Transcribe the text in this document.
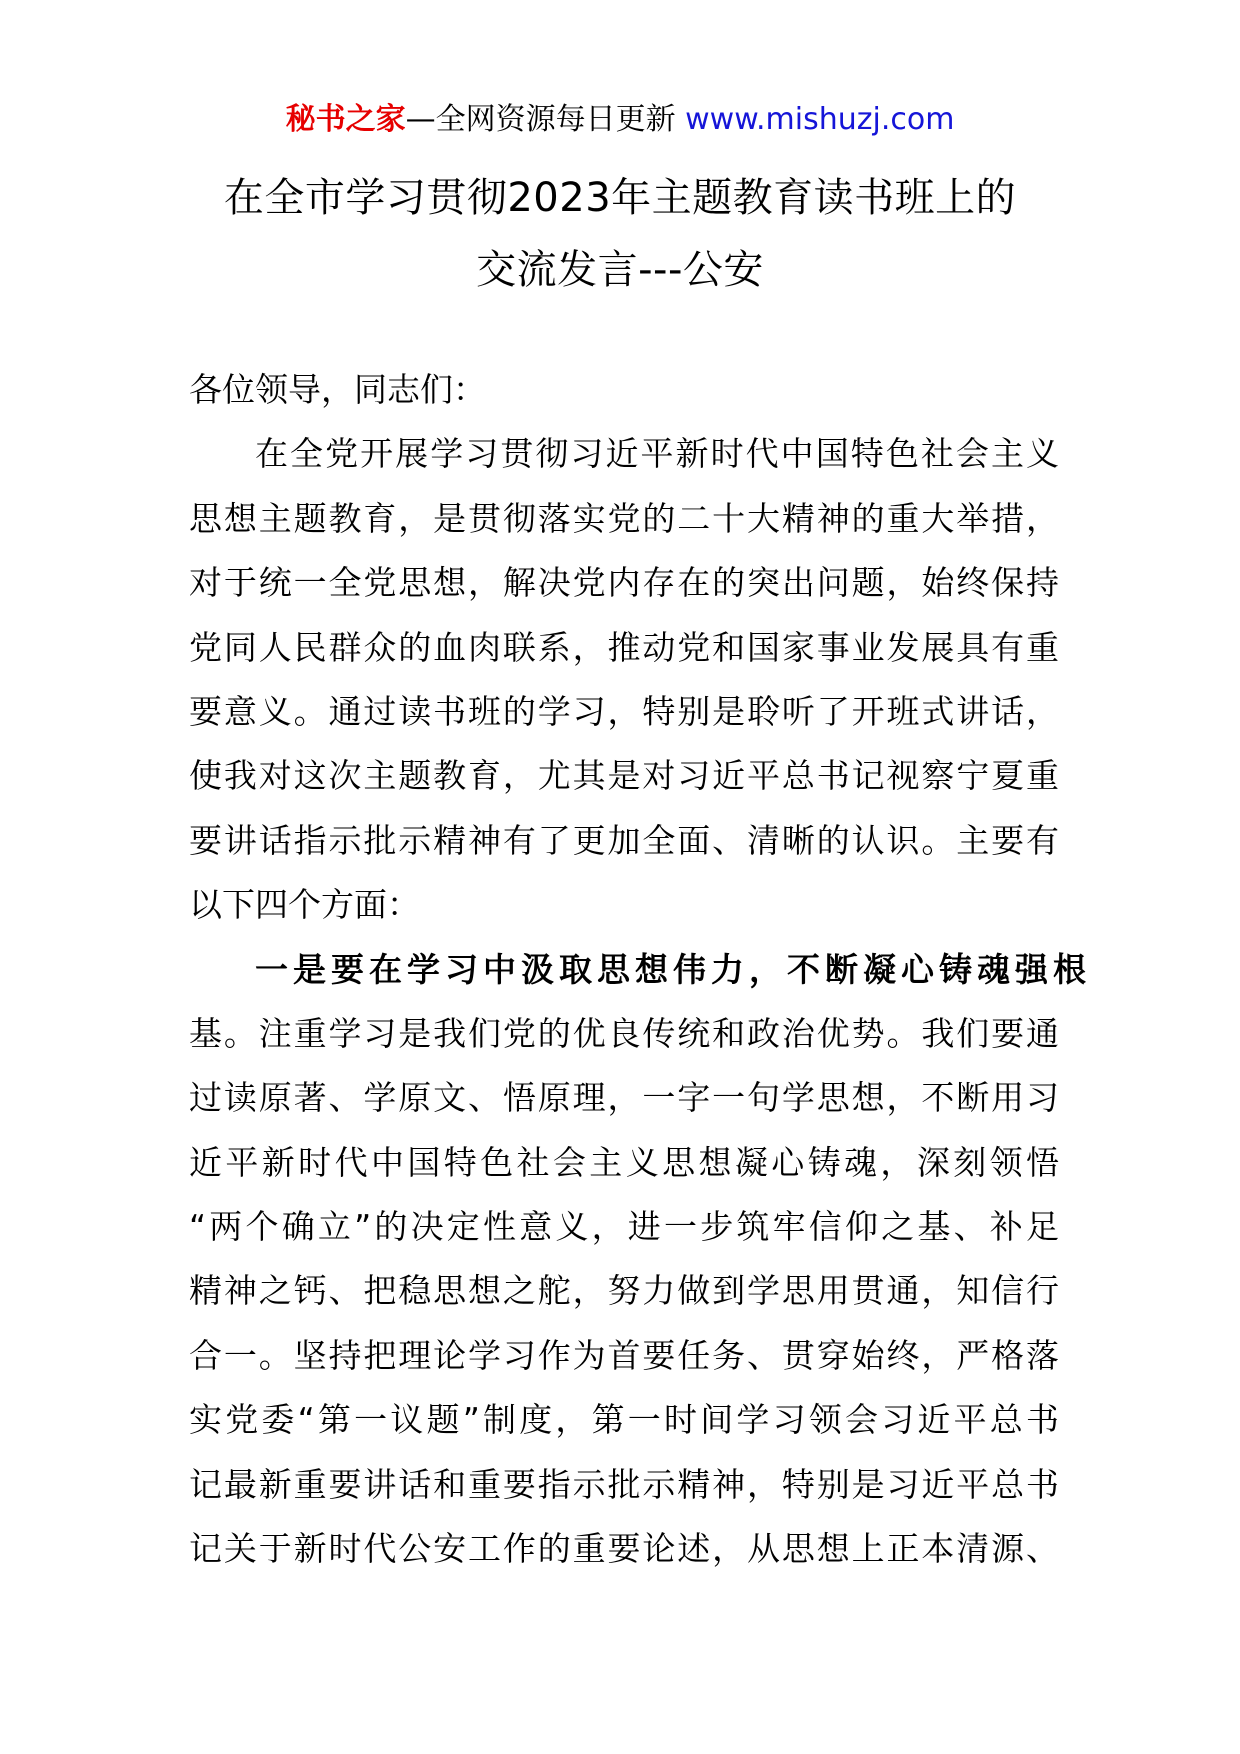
秘书之家—全网资源每日更新 www.mishuzj.com
在全市学习贯彻2023年主题教育读书班上的
交流发言---公安
各位领导，同志们：
在全党开展学习贯彻习近平新时代中国特色社会主义
思想主题教育，是贯彻落实党的二十大精神的重大举措，
对于统一全党思想，解决党内存在的突出问题，始终保持
党同人民群众的血肉联系，推动党和国家事业发展具有重
要意义。通过读书班的学习，特别是聆听了开班式讲话，
使我对这次主题教育，尤其是对习近平总书记视察宁夏重
要讲话指示批示精神有了更加全面、清晰的认识。主要有
以下四个方面：
一是要在学习中汲取思想伟力，不断凝心铸魂强根
基。注重学习是我们党的优良传统和政治优势。我们要通
过读原著、学原文、悟原理，一字一句学思想，不断用习
近平新时代中国特色社会主义思想凝心铸魂，深刻领悟
“两个确立”的决定性意义，进一步筑牢信仰之基、补足
精神之钙、把稳思想之舵，努力做到学思用贯通，知信行
合一。坚持把理论学习作为首要任务、贯穿始终，严格落
实党委“第一议题”制度，第一时间学习领会习近平总书
记最新重要讲话和重要指示批示精神，特别是习近平总书
记关于新时代公安工作的重要论述，从思想上正本清源、
